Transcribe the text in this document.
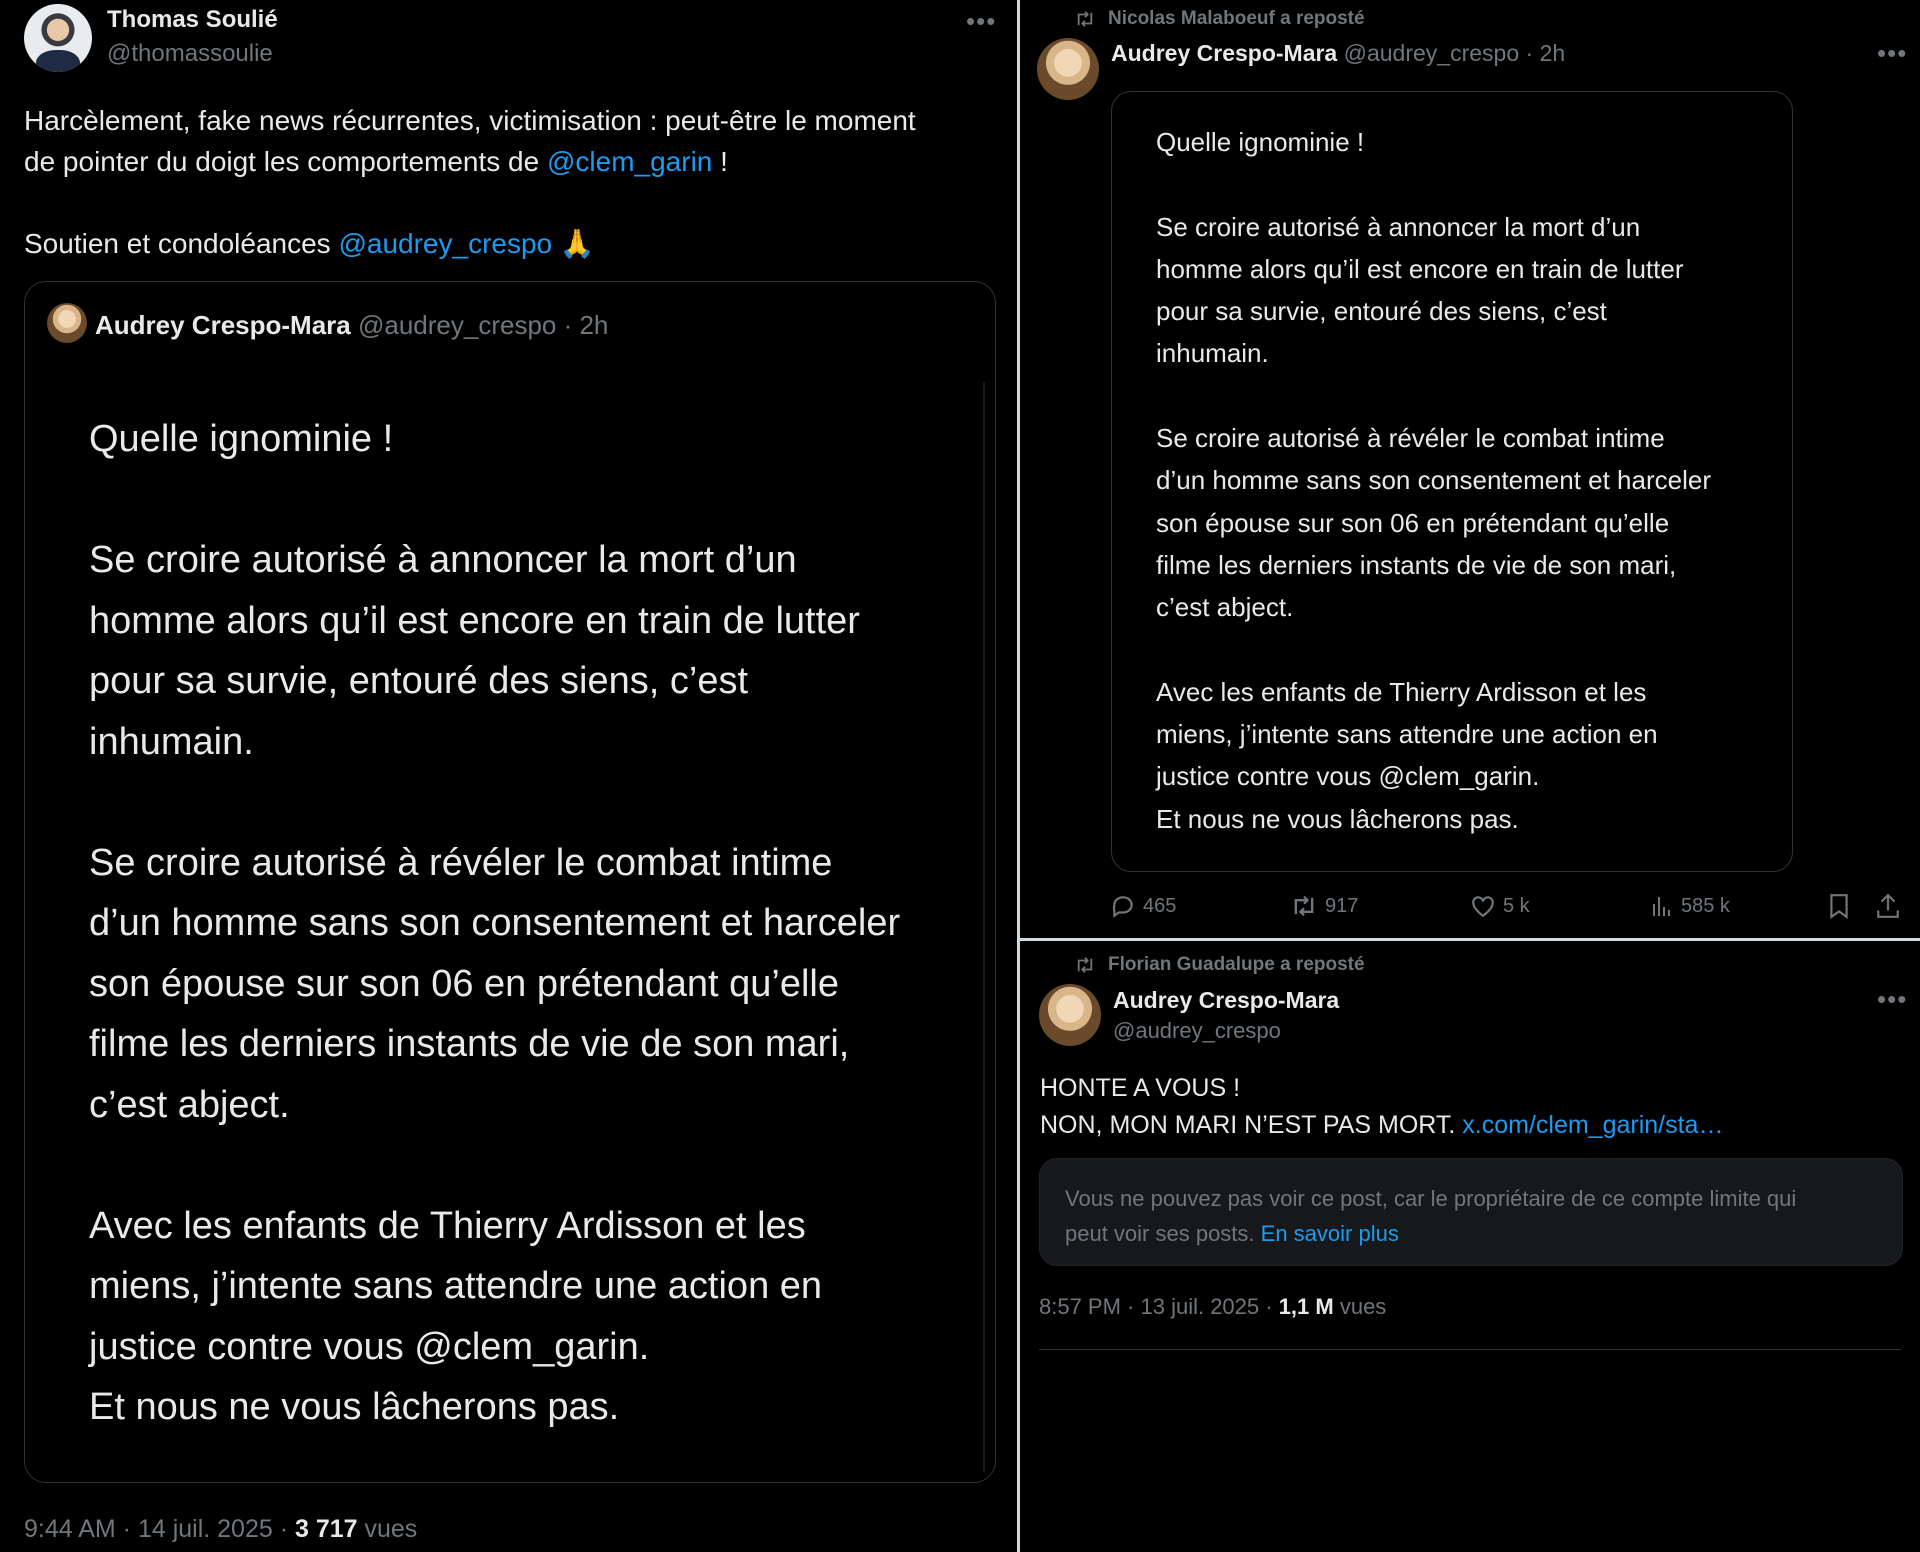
Thomas Soulié
@thomassoulie
•••
Harcèlement, fake news récurrentes, victimisation : peut-être le moment
de pointer du doigt les comportements de @clem_garin !
Soutien et condoléances @audrey_crespo 🙏
Audrey Crespo-Mara @audrey_crespo · 2h
Quelle ignominie !

Se croire autorisé à annoncer la mort d’un
homme alors qu’il est encore en train de lutter
pour sa survie, entouré des siens, c’est
inhumain.

Se croire autorisé à révéler le combat intime
d’un homme sans son consentement et harceler
son épouse sur son 06 en prétendant qu’elle
filme les derniers instants de vie de son mari,
c’est abject.

Avec les enfants de Thierry Ardisson et les
miens, j’intente sans attendre une action en
justice contre vous @clem_garin.
Et nous ne vous lâcherons pas.
9:44 AM · 14 juil. 2025 · 3 717 vues
Nicolas Malaboeuf a reposté
Audrey Crespo-Mara @audrey_crespo · 2h	•••
Quelle ignominie !

Se croire autorisé à annoncer la mort d’un
homme alors qu’il est encore en train de lutter
pour sa survie, entouré des siens, c’est
inhumain.

Se croire autorisé à révéler le combat intime
d’un homme sans son consentement et harceler
son épouse sur son 06 en prétendant qu’elle
filme les derniers instants de vie de son mari,
c’est abject.

Avec les enfants de Thierry Ardisson et les
miens, j’intente sans attendre une action en
justice contre vous @clem_garin.
Et nous ne vous lâcherons pas.
465	917	5 k	585 k
Florian Guadalupe a reposté
Audrey Crespo-Mara
@audrey_crespo
•••
HONTE A VOUS !
NON, MON MARI N’EST PAS MORT. x.com/clem_garin/sta…
Vous ne pouvez pas voir ce post, car le propriétaire de ce compte limite qui
peut voir ses posts. En savoir plus
8:57 PM · 13 juil. 2025 · 1,1 M vues
